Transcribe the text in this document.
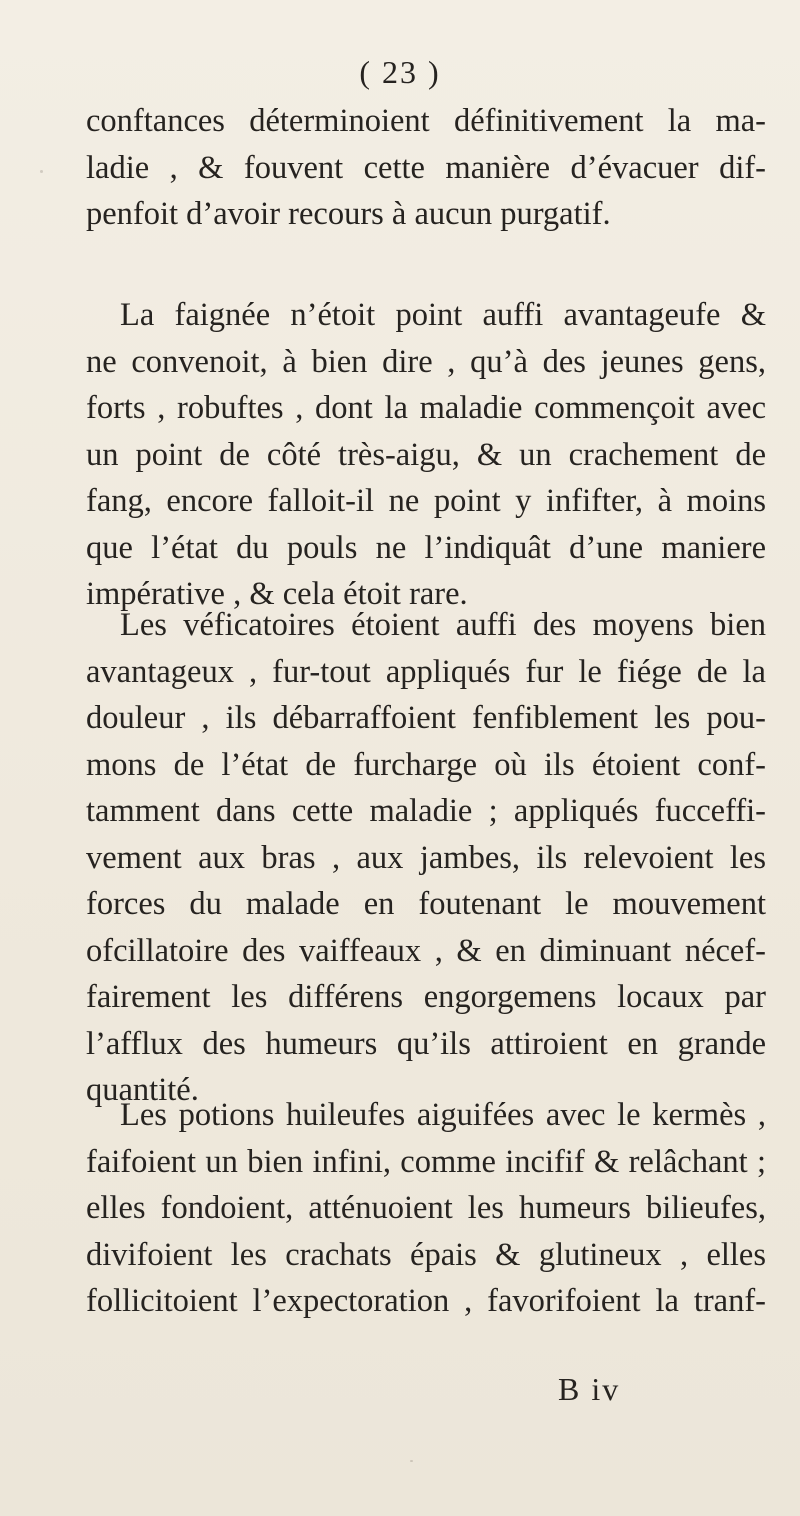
( 23 )
conftances déterminoient définitivement la ma-
ladie , & fouvent cette manière d’évacuer dif-
penfoit d’avoir recours à aucun purgatif.
La faignée n’étoit point auffi avantageufe &
ne convenoit, à bien dire , qu’à des jeunes gens,
forts , robuftes , dont la maladie commençoit avec
un point de côté très-aigu, & un crachement de
fang, encore falloit-il ne point y infifter, à moins
que l’état du pouls ne l’indiquât d’une maniere
impérative , & cela étoit rare.
Les véficatoires étoient auffi des moyens bien
avantageux , fur-tout appliqués fur le fiége de la
douleur , ils débarraffoient fenfiblement les pou-
mons de l’état de furcharge où ils étoient conf-
tamment dans cette maladie ; appliqués fucceffi-
vement aux bras , aux jambes, ils relevoient les
forces du malade en foutenant le mouvement
ofcillatoire des vaiffeaux , & en diminuant nécef-
fairement les différens engorgemens locaux par
l’afflux des humeurs qu’ils attiroient en grande
quantité.
Les potions huileufes aiguifées avec le kermès ,
faifoient un bien infini, comme incifif & relâchant ;
elles fondoient, atténuoient les humeurs bilieufes,
divifoient les crachats épais & glutineux , elles
follicitoient l’expectoration , favorifoient la tranf-
B iv
